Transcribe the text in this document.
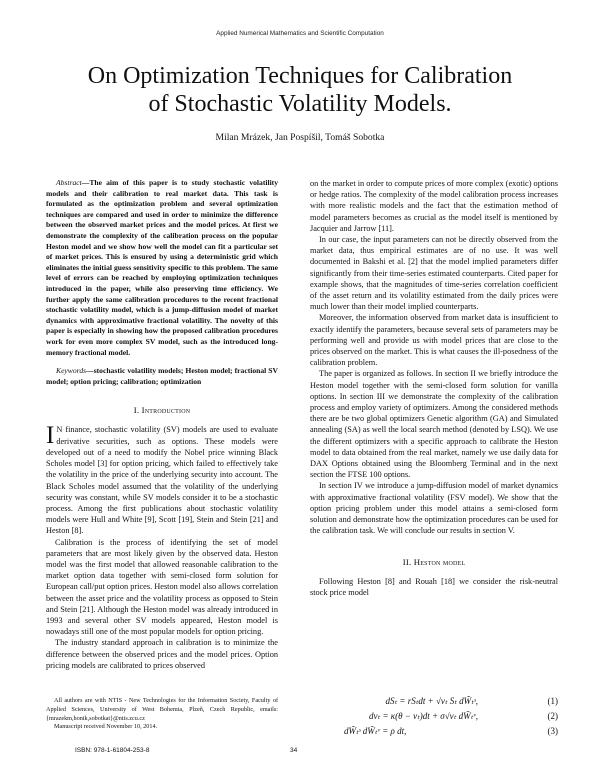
Applied Numerical Mathematics and Scientific Computation
On Optimization Techniques for Calibration
of Stochastic Volatility Models.
Milan Mrázek, Jan Pospíšil, Tomáš Sobotka

Abstract—The aim of this paper is to study stochastic volatility models and their calibration to real market data. This task is formulated as the optimization problem and several optimization techniques are compared and used in order to minimize the difference between the observed market prices and the model prices. At first we demonstrate the complexity of the calibration process on the popular Heston model and we show how well the model can fit a particular set of market prices. This is ensured by using a deterministic grid which eliminates the initial guess sensitivity specific to this problem. The same level of errors can be reached by employing optimization techniques introduced in the paper, while also preserving time efficiency. We further apply the same calibration procedures to the recent fractional stochastic volatility model, which is a jump-diffusion model of market dynamics with approximative fractional volatility. The novelty of this paper is especially in showing how the proposed calibration procedures work for even more complex SV model, such as the introduced long-memory fractional model.

Keywords—stochastic volatility models; Heston model; fractional SV model; option pricing; calibration; optimization

I. Introduction

I N finance, stochastic volatility (SV) models are used to evaluate derivative securities, such as options. These models were developed out of a need to modify the Nobel price winning Black Scholes model [3] for option pricing, which failed to effectively take the volatility in the price of the underlying security into account. The Black Scholes model assumed that the volatility of the underlying security was constant, while SV models consider it to be a stochastic process. Among the first publications about stochastic volatility models were Hull and White [9], Scott [19], Stein and Stein [21] and Heston [8].

Calibration is the process of identifying the set of model parameters that are most likely given by the observed data. Heston model was the first model that allowed reasonable calibration to the market option data together with semi-closed form solution for European call/put option prices. Heston model also allows correlation between the asset price and the volatility process as opposed to Stein and Stein [21]. Although the Heston model was already introduced in 1993 and several other SV models appeared, Heston model is nowadays still one of the most popular models for option pricing.

The industry standard approach in calibration is to minimize the difference between the observed prices and the model prices. Option pricing models are calibrated to prices observed

All authors are with NTIS - New Technologies for the Information Society, Faculty of Applied Sciences, University of West Bohemia, Plzeň, Czech Republic, emails: {mrazekm,honik,sobotkat}@ntis.zcu.cz

Manuscript received November 10, 2014.

on the market in order to compute prices of more complex (exotic) options or hedge ratios. The complexity of the model calibration process increases with more realistic models and the fact that the estimation method of model parameters becomes as crucial as the model itself is mentioned by Jacquier and Jarrow [11].

In our case, the input parameters can not be directly observed from the market data, thus empirical estimates are of no use. It was well documented in Bakshi et al. [2] that the model implied parameters differ significantly from their time-series estimated counterparts. Cited paper for example shows, that the magnitudes of time-series correlation coefficient of the asset return and its volatility estimated from the daily prices were much lower than their model implied counterparts.

Moreover, the information observed from market data is insufficient to exactly identify the parameters, because several sets of parameters may be performing well and provide us with model prices that are close to the prices observed on the market. This is what causes the ill-posedness of the calibration problem.

The paper is organized as follows. In section II we briefly introduce the Heston model together with the semi-closed form solution for vanilla options. In section III we demonstrate the complexity of the calibration process and employ variety of optimizers. Among the considered methods there are be two global optimizers Genetic algorithm (GA) and Simulated annealing (SA) as well the local search method (denoted by LSQ). We use the different optimizers with a specific approach to calibrate the Heston model to data obtained from the real market, namely we use daily data for DAX Options obtained using the Bloomberg Terminal and in the next section the FTSE 100 options.

In section IV we introduce a jump-diffusion model of market dynamics with approximative fractional volatility (FSV model). We show that the option pricing problem under this model attains a semi-closed form solution and demonstrate how the optimization procedures can be used for the calibration task. We will conclude our results in section V.

II. Heston model

Following Heston [8] and Rouah [18] we consider the risk-neutral stock price model

dSₜ = rSₜdt + √vₜ Sₜ dW̃ₜˢ,	(1)
dvₜ = κ(θ − vₜ)dt + σ√vₜ dW̃ₜᵛ,	(2)
dW̃ₜˢ dW̃ₜᵛ = ρ dt,	(3)
ISBN: 978-1-61804-253-8	34
